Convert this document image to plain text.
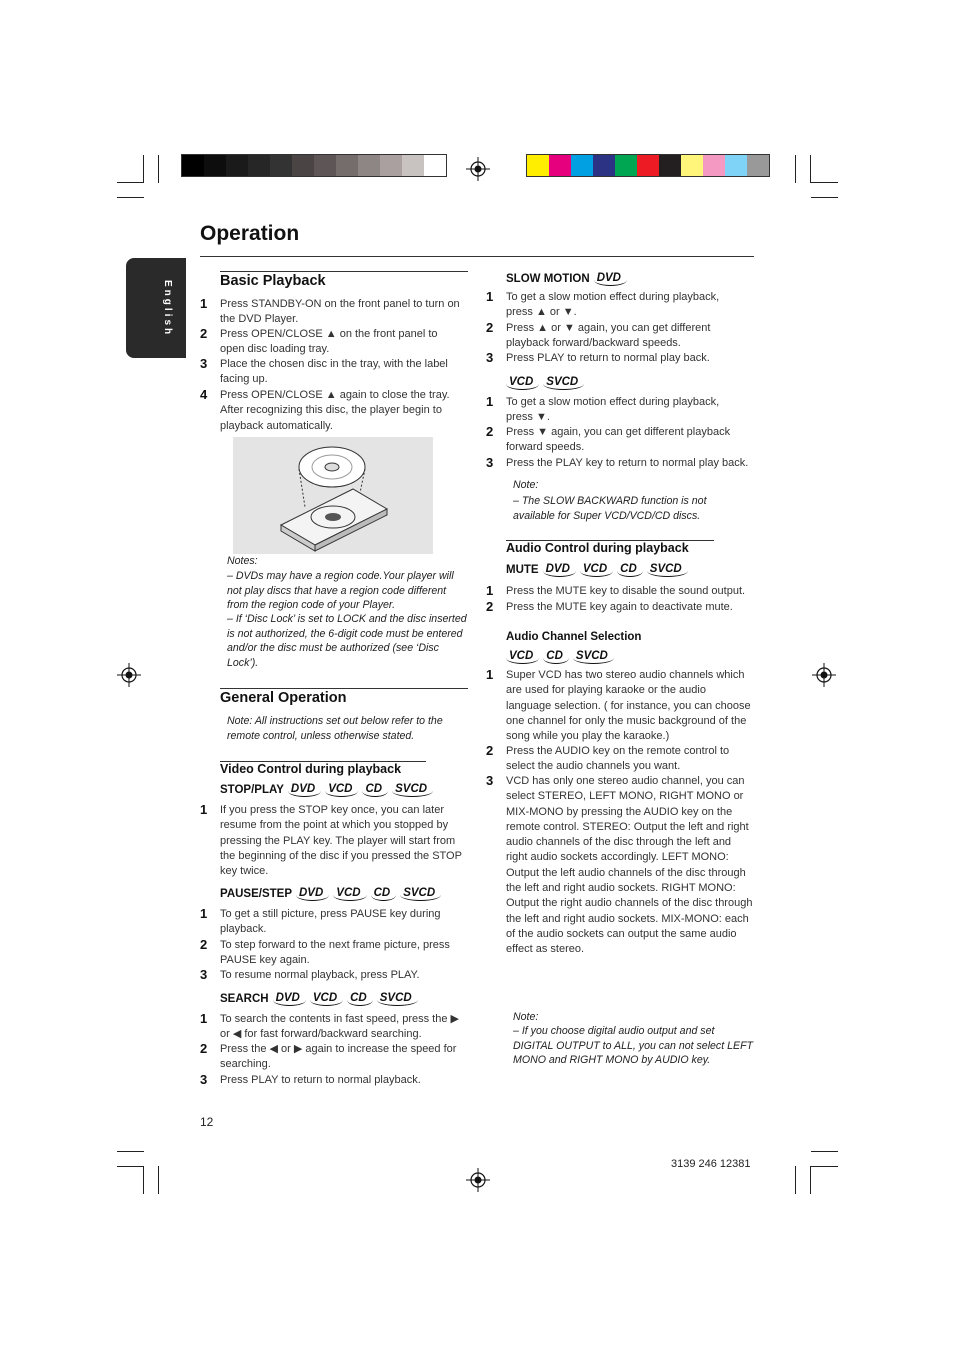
Operation
English	Basic Playback
1 Press STANDBY-ON on the front panel to turn on the DVD Player.
2 Press OPEN/CLOSE ▲ on the front panel to open disc loading tray.
3 Place the chosen disc in the tray, with the label facing up.
4 Press OPEN/CLOSE ▲ again to close the tray. After recognizing this disc, the player begin to playback automatically.
Notes:
– DVDs may have a region code.Your player will not play discs that have a region code different from the region code of your Player.
– If ‘Disc Lock’ is set to LOCK and the disc inserted is not authorized, the 6-digit code must be entered and/or the disc must be authorized (see ‘Disc Lock’).
General Operation
Note: All instructions set out below refer to the remote control, unless otherwise stated.
Video Control during playback
STOP/PLAY DVD	VCD	CD	SVCD
1 If you press the STOP key once, you can later resume from the point at which you stopped by pressing the PLAY key. The player will start from the beginning of the disc if you pressed the STOP key twice.
PAUSE/STEP DVD	VCD	CD	SVCD
1 To get a still picture, press PAUSE key during playback.
2 To step forward to the next frame picture, press PAUSE key again.
3 To resume normal playback, press PLAY.
SEARCH DVD	VCD	CD	SVCD
1 To search the contents in fast speed, press the ▶ or ◀ for fast forward/backward searching.
2 Press the ◀ or ▶ again to increase the speed for searching.
3 Press PLAY to return to normal playback.
SLOW MOTION DVD
1 To get a slow motion effect during playback, press ▲ or ▼.
2 Press ▲ or ▼ again, you can get different playback forward/backward speeds.
3 Press PLAY to return to normal play back.
VCD	SVCD
1 To get a slow motion effect during playback, press ▼.
2 Press ▼ again, you can get different playback forward speeds.
3 Press the PLAY key to return to normal play back.
Note:
– The SLOW BACKWARD function is not available for Super VCD/VCD/CD discs.
Audio Control during playback
MUTE DVD	VCD	CD	SVCD
1 Press the MUTE key to disable the sound output.
2 Press the MUTE key again to deactivate mute.
Audio Channel Selection
VCD	CD	SVCD
1 Super VCD has two stereo audio channels which are used for playing karaoke or the audio language selection. ( for instance, you can choose one channel for only the music background of the song while you play the karaoke.)
2 Press the AUDIO key on the remote control to select the audio channels you want.
3 VCD has only one stereo audio channel, you can select STEREO, LEFT MONO, RIGHT MONO or MIX-MONO by pressing the AUDIO key on the remote control. STEREO: Output the left and right audio channels of the disc through the left and right audio sockets accordingly. LEFT MONO: Output the left audio channels of the disc through the left and right audio sockets. RIGHT MONO: Output the right audio channels of the disc through the left and right audio sockets. MIX-MONO: each of the audio sockets can output the same audio effect as stereo.
Note:
– If you choose digital audio output and set DIGITAL OUTPUT to ALL, you can not select LEFT MONO and RIGHT MONO by AUDIO key.
12
3139 246 12381
